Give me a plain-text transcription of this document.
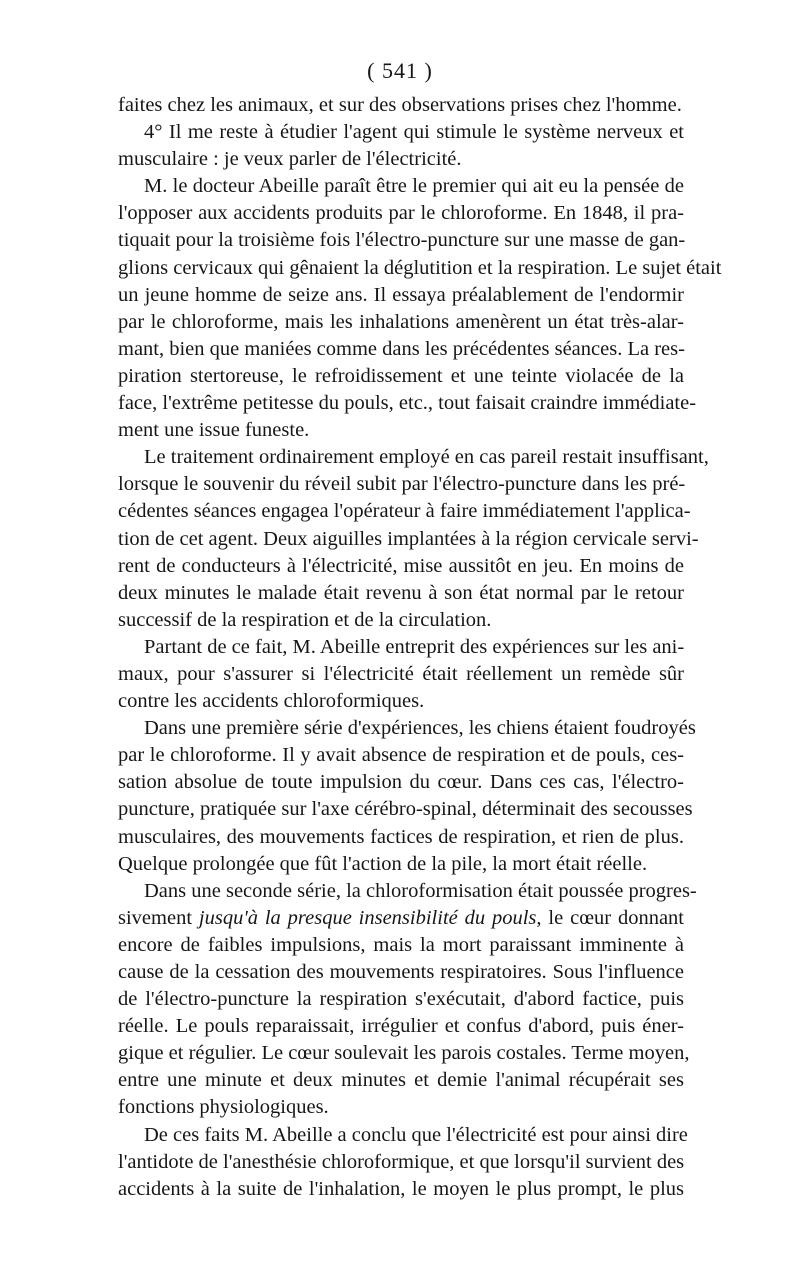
( 541 )
faites chez les animaux, et sur des observations prises chez l'homme.
4° Il me reste à étudier l'agent qui stimule le système nerveux et
musculaire : je veux parler de l'électricité.
M. le docteur Abeille paraît être le premier qui ait eu la pensée de
l'opposer aux accidents produits par le chloroforme. En 1848, il pra-
tiquait pour la troisième fois l'électro-puncture sur une masse de gan-
glions cervicaux qui gênaient la déglutition et la respiration. Le sujet était
un jeune homme de seize ans. Il essaya préalablement de l'endormir
par le chloroforme, mais les inhalations amenèrent un état très-alar-
mant, bien que maniées comme dans les précédentes séances. La res-
piration stertoreuse, le refroidissement et une teinte violacée de la
face, l'extrême petitesse du pouls, etc., tout faisait craindre immédiate-
ment une issue funeste.
Le traitement ordinairement employé en cas pareil restait insuffisant,
lorsque le souvenir du réveil subit par l'électro-puncture dans les pré-
cédentes séances engagea l'opérateur à faire immédiatement l'applica-
tion de cet agent. Deux aiguilles implantées à la région cervicale servi-
rent de conducteurs à l'électricité, mise aussitôt en jeu. En moins de
deux minutes le malade était revenu à son état normal par le retour
successif de la respiration et de la circulation.
Partant de ce fait, M. Abeille entreprit des expériences sur les ani-
maux, pour s'assurer si l'électricité était réellement un remède sûr
contre les accidents chloroformiques.
Dans une première série d'expériences, les chiens étaient foudroyés
par le chloroforme. Il y avait absence de respiration et de pouls, ces-
sation absolue de toute impulsion du cœur. Dans ces cas, l'électro-
puncture, pratiquée sur l'axe cérébro-spinal, déterminait des secousses
musculaires, des mouvements factices de respiration, et rien de plus.
Quelque prolongée que fût l'action de la pile, la mort était réelle.
Dans une seconde série, la chloroformisation était poussée progres-
sivement jusqu'à la presque insensibilité du pouls, le cœur donnant
encore de faibles impulsions, mais la mort paraissant imminente à
cause de la cessation des mouvements respiratoires. Sous l'influence
de l'électro-puncture la respiration s'exécutait, d'abord factice, puis
réelle. Le pouls reparaissait, irrégulier et confus d'abord, puis éner-
gique et régulier. Le cœur soulevait les parois costales. Terme moyen,
entre une minute et deux minutes et demie l'animal récupérait ses
fonctions physiologiques.
De ces faits M. Abeille a conclu que l'électricité est pour ainsi dire
l'antidote de l'anesthésie chloroformique, et que lorsqu'il survient des
accidents à la suite de l'inhalation, le moyen le plus prompt, le plus
